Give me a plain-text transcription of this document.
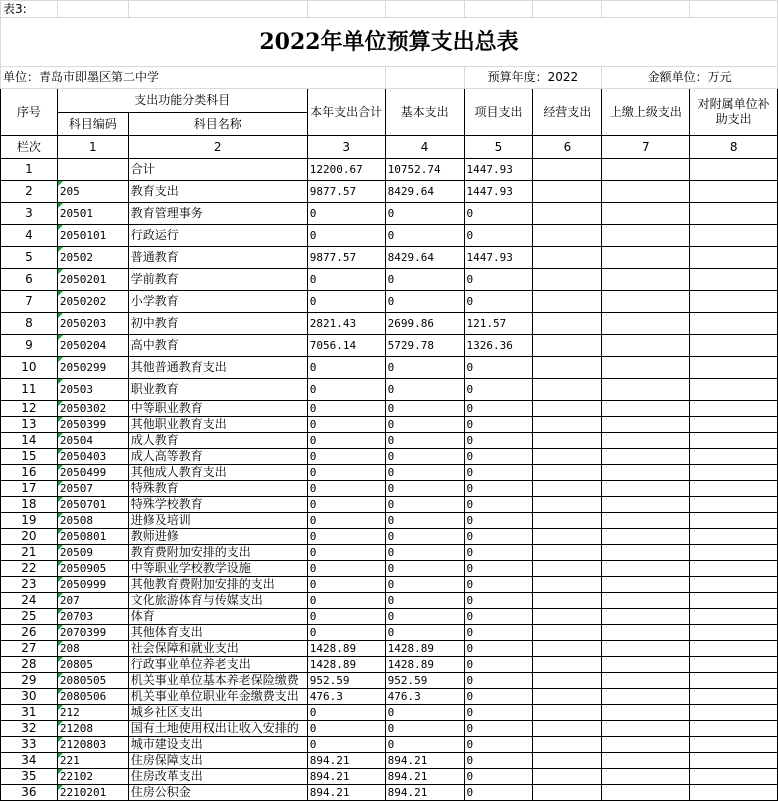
表3:								
2022年单位预算支出总表								
单位：青岛市即墨区第二中学					预算年度：2022		金额单位：万元	
序号	支出功能分类科目		本年支出合计	基本支出	项目支出	经营支出	上缴上级支出	对附属单位补助支出
	科目编码	科目名称						
栏次	1	2	3	4	5	6	7	8
1		合计	12200.67	10752.74	1447.93			
2	205	教育支出	9877.57	8429.64	1447.93			
3	20501	教育管理事务	0	0	0			
4	2050101	行政运行	0	0	0			
5	20502	普通教育	9877.57	8429.64	1447.93			
6	2050201	学前教育	0	0	0			
7	2050202	小学教育	0	0	0			
8	2050203	初中教育	2821.43	2699.86	121.57			
9	2050204	高中教育	7056.14	5729.78	1326.36			
10	2050299	其他普通教育支出	0	0	0			
11	20503	职业教育	0	0	0			
12	2050302	中等职业教育	0	0	0			
13	2050399	其他职业教育支出	0	0	0			
14	20504	成人教育	0	0	0			
15	2050403	成人高等教育	0	0	0			
16	2050499	其他成人教育支出	0	0	0			
17	20507	特殊教育	0	0	0			
18	2050701	特殊学校教育	0	0	0			
19	20508	进修及培训	0	0	0			
20	2050801	教师进修	0	0	0			
21	20509	教育费附加安排的支出	0	0	0			
22	2050905	中等职业学校教学设施	0	0	0			
23	2050999	其他教育费附加安排的支出	0	0	0			
24	207	文化旅游体育与传媒支出	0	0	0			
25	20703	体育	0	0	0			
26	2070399	其他体育支出	0	0	0			
27	208	社会保障和就业支出	1428.89	1428.89	0			
28	20805	行政事业单位养老支出	1428.89	1428.89	0			
29	2080505	机关事业单位基本养老保险缴费	952.59	952.59	0			
30	2080506	机关事业单位职业年金缴费支出	476.3	476.3	0			
31	212	城乡社区支出	0	0	0			
32	21208	国有土地使用权出让收入安排的	0	0	0			
33	2120803	城市建设支出	0	0	0			
34	221	住房保障支出	894.21	894.21	0			
35	22102	住房改革支出	894.21	894.21	0			
36	2210201	住房公积金	894.21	894.21	0			
